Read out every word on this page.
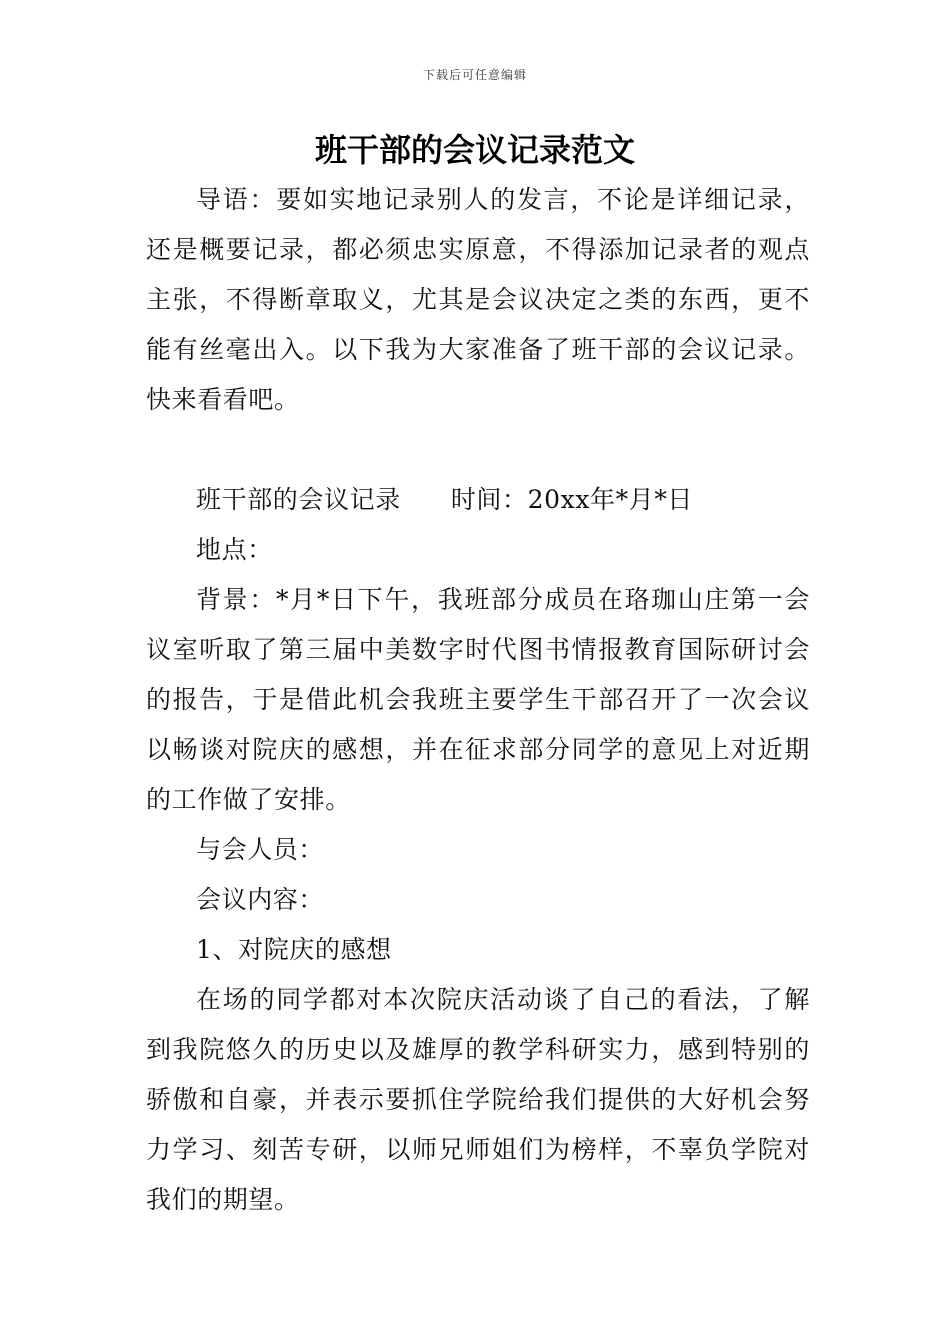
下载后可任意编辑
班干部的会议记录范文

导语：要如实地记录别人的发言，不论是详细记录，还是概要记录，都必须忠实原意，不得添加记录者的观点主张，不得断章取义，尤其是会议决定之类的东西，更不能有丝毫出入。以下我为大家准备了班干部的会议记录。快来看看吧。

班干部的会议记录 时间：20xx年*月*日

地点：

背景：*月*日下午，我班部分成员在珞珈山庄第一会议室听取了第三届中美数字时代图书情报教育国际研讨会的报告，于是借此机会我班主要学生干部召开了一次会议以畅谈对院庆的感想，并在征求部分同学的意见上对近期的工作做了安排。

与会人员：

会议内容：

1、对院庆的感想

在场的同学都对本次院庆活动谈了自己的看法，了解到我院悠久的历史以及雄厚的教学科研实力，感到特别的骄傲和自豪，并表示要抓住学院给我们提供的大好机会努力学习、刻苦专研，以师兄师姐们为榜样，不辜负学院对我们的期望。
